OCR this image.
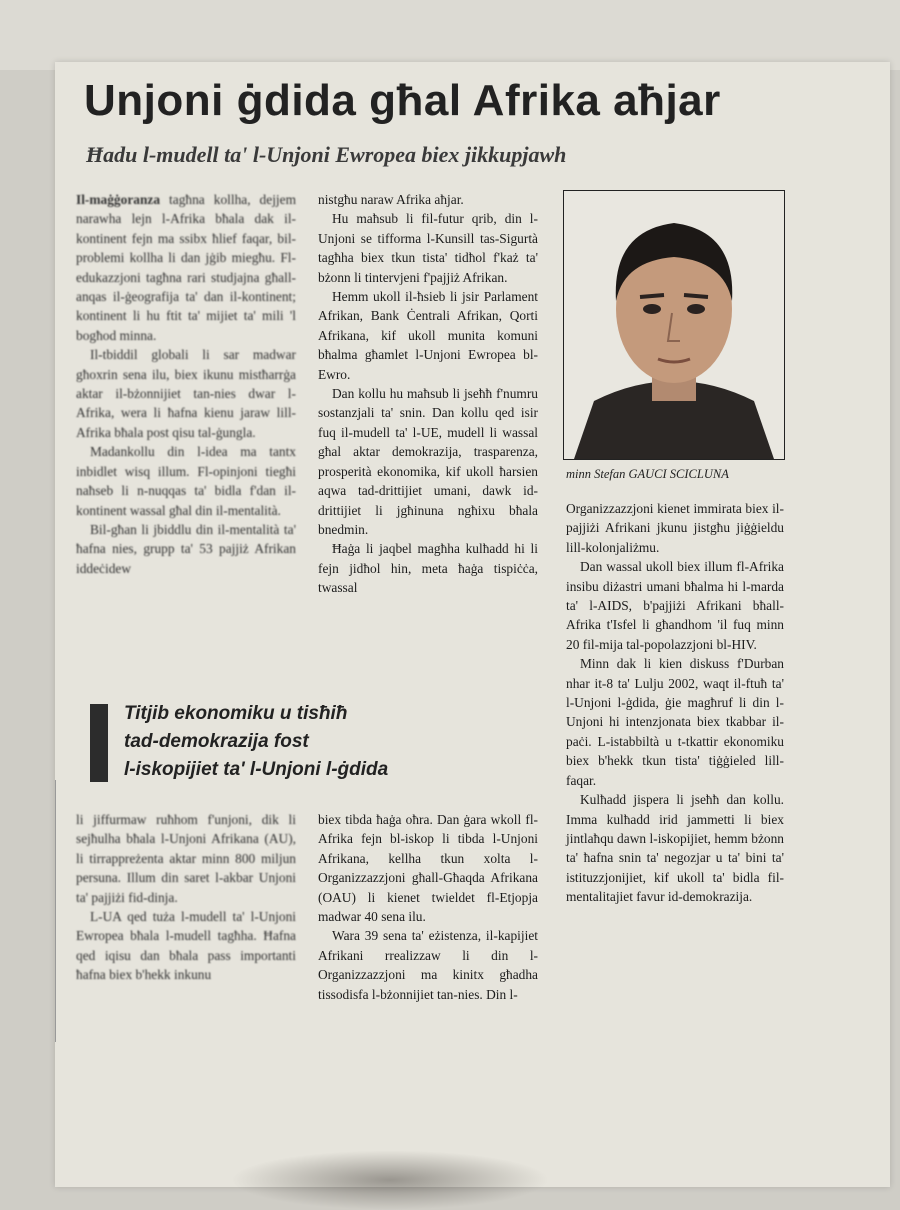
Unjoni ġdida għal Afrika aħjar
Ħadu l-mudell ta' l-Unjoni Ewropea biex jikkupjawh

Il-maġġoranza tagħna kollha, dejjem narawha lejn l-Afrika bħala dak il-kontinent fejn ma ssibx ħlief faqar, bil-problemi kollha li dan jġib miegħu. Fl-edukazzjoni tagħna rari studjajna għall-anqas il-ġeografija ta' dan il-kontinent; kontinent li hu ftit ta' mijiet ta' mili 'l bogħod minna.

Il-tbiddil globali li sar madwar għoxrin sena ilu, biex ikunu mistħarrġa aktar il-bżonnijiet tan-nies dwar l-Afrika, wera li ħafna kienu jaraw lill-Afrika bħala post qisu tal-ġungla.

Madankollu din l-idea ma tantx inbidlet wisq illum. Fl-opinjoni tiegħi naħseb li n-nuqqas ta' bidla f'dan il-kontinent wassal għal din il-mentalità.

Bil-għan li jbiddlu din il-mentalità ta' ħafna nies, grupp ta' 53 pajjiż Afrikan iddeċidew

nistgħu naraw Afrika aħjar.

Hu maħsub li fil-futur qrib, din l-Unjoni se tifforma l-Kunsill tas-Sigurtà tagħha biex tkun tista' tidħol f'każ ta' bżonn li tintervjeni f'pajjiż Afrikan.

Hemm ukoll il-ħsieb li jsir Parlament Afrikan, Bank Ċentrali Afrikan, Qorti Afrikana, kif ukoll munita komuni bħalma għamlet l-Unjoni Ewropea bl-Ewro.

Dan kollu hu maħsub li jseħħ f'numru sostanzjali ta' snin. Dan kollu qed isir fuq il-mudell ta' l-UE, mudell li wassal għal aktar demokrazija, trasparenza, prosperità ekonomika, kif ukoll ħarsien aqwa tad-drittijiet umani, dawk id-drittijiet li jgħinuna ngħixu bħala bnedmin.

Ħaġa li jaqbel magħha kulħadd hi li fejn jidħol hin, meta ħaġa tispiċċa, twassal

minn Stefan GAUCI SCICLUNA

Organizzazzjoni kienet immirata biex il-pajjiżi Afrikani jkunu jistgħu jiġġieldu lill-kolonjaliżmu.

Dan wassal ukoll biex illum fl-Afrika insibu diżastri umani bħalma hi l-marda ta' l-AIDS, b'pajjiżi Afrikani bħall-Afrika t'Isfel li għandhom 'il fuq minn 20 fil-mija tal-popolazzjoni bl-HIV.

Minn dak li kien diskuss f'Durban nhar it-8 ta' Lulju 2002, waqt il-ftuħ ta' l-Unjoni l-ġdida, ġie magħruf li din l-Unjoni hi intenzjonata biex tkabbar il-paċi. L-istabbiltà u t-tkattir ekonomiku biex b'hekk tkun tista' tiġġieled lill-faqar.

Kulħadd jispera li jseħħ dan kollu. Imma kulħadd irid jammetti li biex jintlaħqu dawn l-iskopijiet, hemm bżonn ta' ħafna snin ta' negozjar u ta' bini ta' istituzzjonijiet, kif ukoll ta' bidla fil-mentalitajiet favur id-demokrazija.

Titjib ekonomiku u tisħiħ
tad-demokrazija fost
l-iskopijiet ta' l-Unjoni l-ġdida

li jiffurmaw ruħhom f'unjoni, dik li sejħulha bħala l-Unjoni Afrikana (AU), li tirrappreżenta aktar minn 800 miljun persuna. Illum din saret l-akbar Unjoni ta' pajjiżi fid-dinja.

L-UA qed tuża l-mudell ta' l-Unjoni Ewropea bħala l-mudell tagħha. Ħafna qed iqisu dan bħala pass importanti ħafna biex b'hekk inkunu

biex tibda ħaġa oħra. Dan ġara wkoll fl-Afrika fejn bl-iskop li tibda l-Unjoni Afrikana, kellha tkun xolta l-Organizzazzjoni għall-Għaqda Afrikana (OAU) li kienet twieldet fl-Etjopja madwar 40 sena ilu.

Wara 39 sena ta' eżistenza, il-kapijiet Afrikani rrealizzaw li din l-Organizzazzjoni ma kinitx għadha tissodisfa l-bżonnijiet tan-nies. Din l-
